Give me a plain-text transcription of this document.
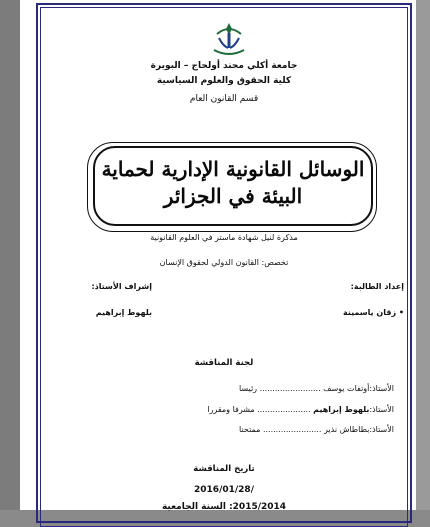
جامعة أكلي محند أولحاج – البويرة
كلية الحقوق والعلوم السياسية
قسم القانون العام
الوسائل القانونية الإدارية لحماية
البيئة في الجزائر
مذكرة لنيل شهادة ماستر في العلوم القانونية
تخصص: القانون الدولي لحقوق الإنسان
إعداد الطالبة:
• زقان ياسمينة
إشراف الأستاذ:
بلهوط إبراهيم
لجنة المناقشة
الأستاذ:أوتفات يوسف ........................ رئيسا
الأستاذ:بلهوط إبراهيم ..................... مشرفا ومقررا
الأستاذ:بطاطاش نذير ....................... ممتحنا
تاريخ المناقشة
2016/01/28/
2015/2014: السنة الجامعية
